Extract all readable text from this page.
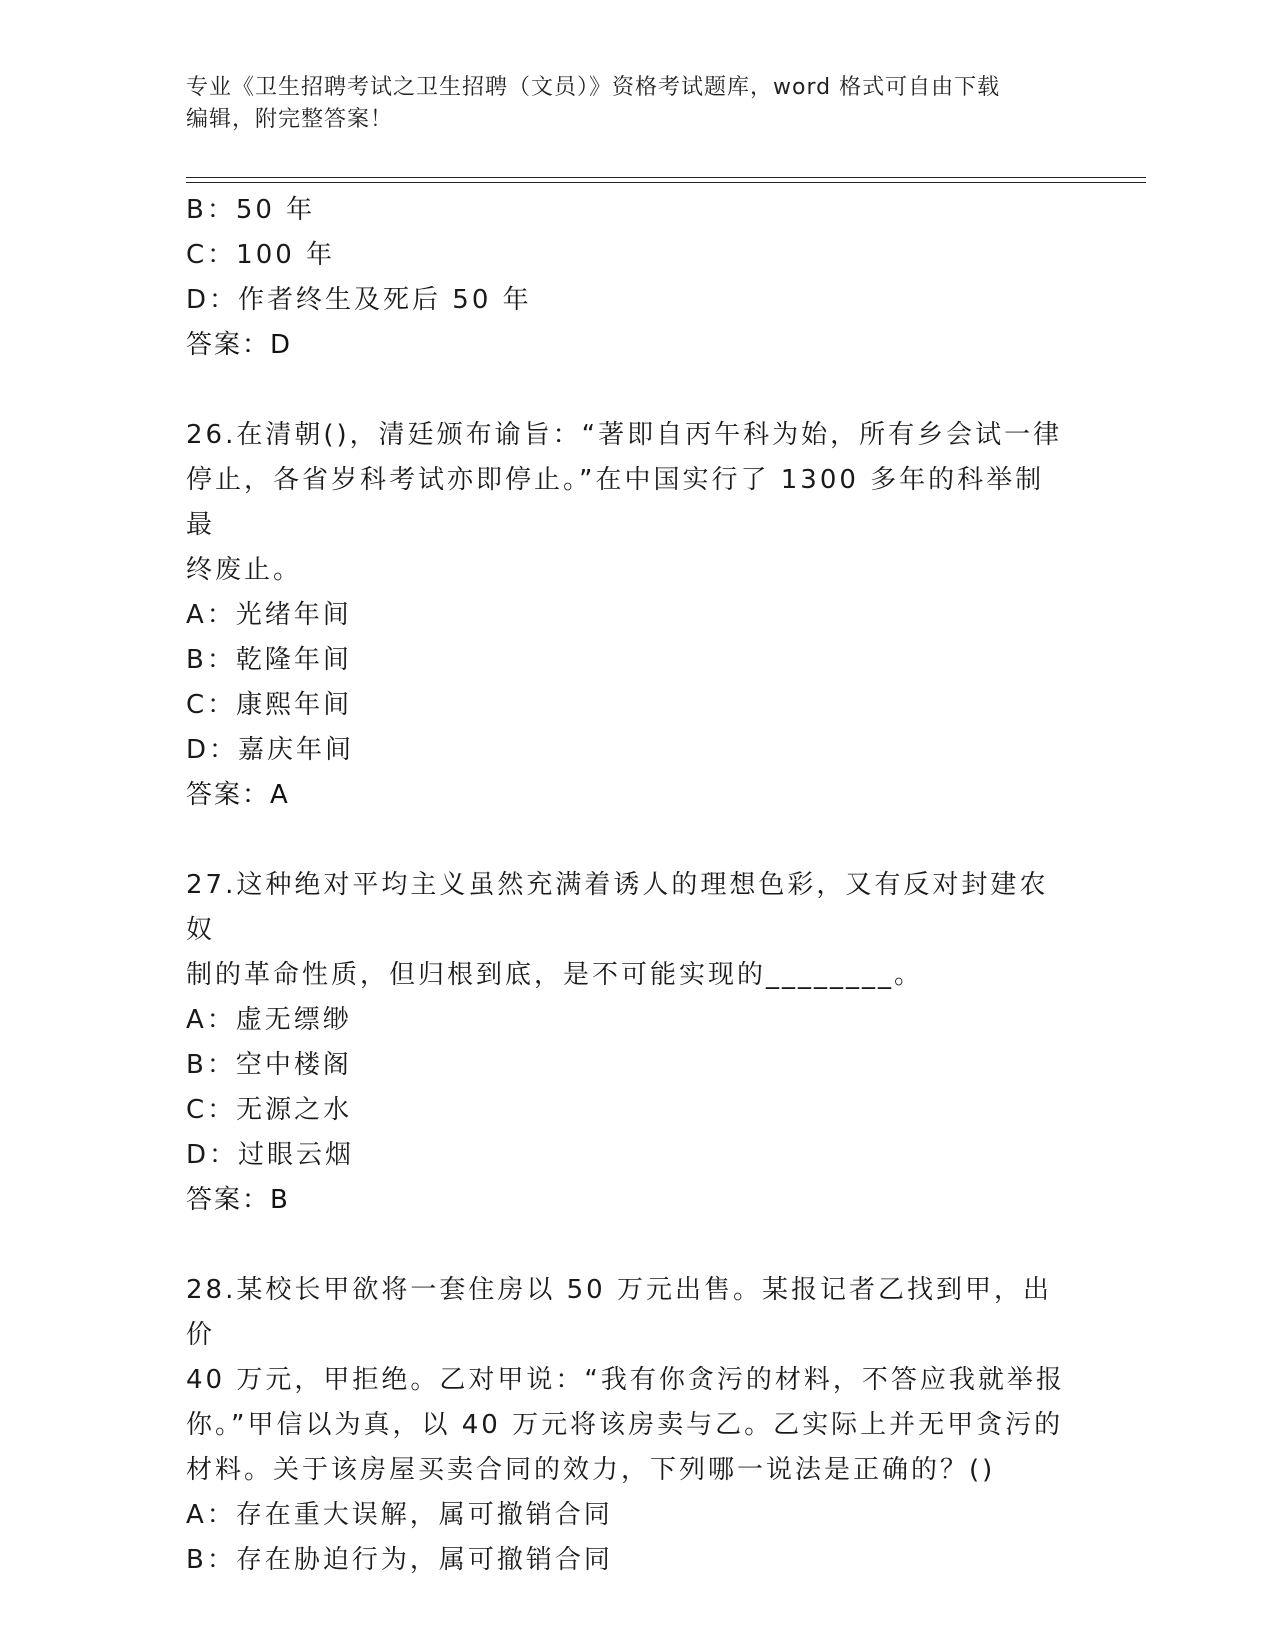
专业《卫生招聘考试之卫生招聘（文员）》资格考试题库，word 格式可自由下载
编辑，附完整答案！
B：50 年
C：100 年
D：作者终生及死后 50 年
答案：D
26.在清朝()，清廷颁布谕旨：“著即自丙午科为始，所有乡会试一律
停止，各省岁科考试亦即停止。”在中国实行了 1300 多年的科举制最
终废止。
A：光绪年间
B：乾隆年间
C：康熙年间
D：嘉庆年间
答案：A
27.这种绝对平均主义虽然充满着诱人的理想色彩，又有反对封建农奴
制的革命性质，但归根到底，是不可能实现的________。
A：虚无缥缈
B：空中楼阁
C：无源之水
D：过眼云烟
答案：B
28.某校长甲欲将一套住房以 50 万元出售。某报记者乙找到甲，出价
40 万元，甲拒绝。乙对甲说：“我有你贪污的材料，不答应我就举报
你。”甲信以为真，以 40 万元将该房卖与乙。乙实际上并无甲贪污的
材料。关于该房屋买卖合同的效力，下列哪一说法是正确的？()
A：存在重大误解，属可撤销合同
B：存在胁迫行为，属可撤销合同
